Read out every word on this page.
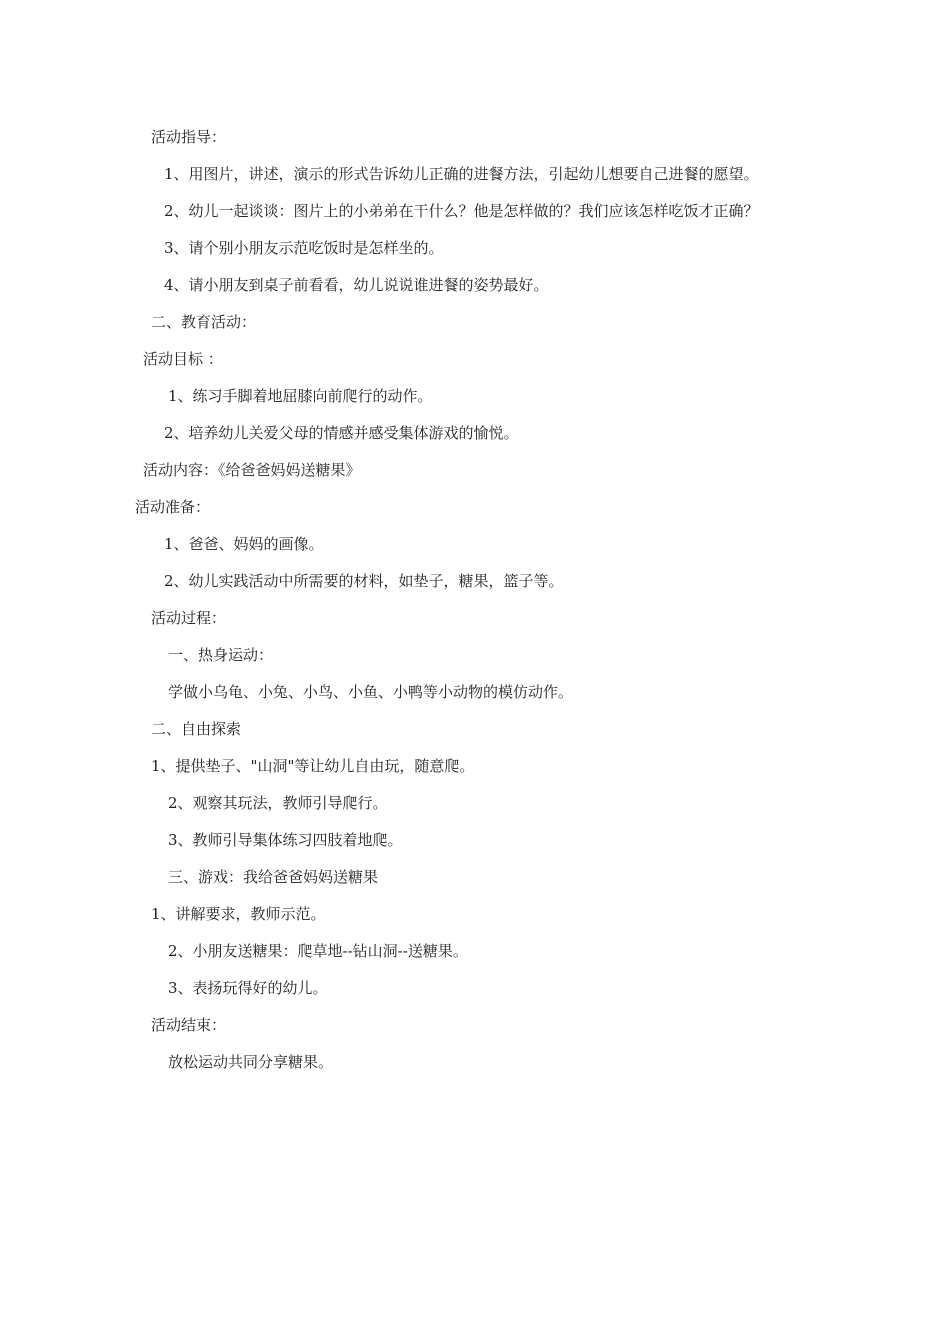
活动指导：
1、用图片，讲述，演示的形式告诉幼儿正确的进餐方法，引起幼儿想要自己进餐的愿望。
2、幼儿一起谈谈：图片上的小弟弟在干什么？他是怎样做的？我们应该怎样吃饭才正确？
3、请个别小朋友示范吃饭时是怎样坐的。
4、请小朋友到桌子前看看，幼儿说说谁进餐的姿势最好。
二、教育活动：
活动目标 ：
1、练习手脚着地屈膝向前爬行的动作。
2、培养幼儿关爱父母的情感并感受集体游戏的愉悦。
活动内容：《给爸爸妈妈送糖果》
活动准备：
1、爸爸、妈妈的画像。
2、幼儿实践活动中所需要的材料，如垫子，糖果，篮子等。
活动过程：
一、热身运动：
学做小乌龟、小兔、小鸟、小鱼、小鸭等小动物的模仿动作。
二、自由探索
1、提供垫子、"山洞"等让幼儿自由玩，随意爬。
2、观察其玩法，教师引导爬行。
3、教师引导集体练习四肢着地爬。
三、游戏：我给爸爸妈妈送糖果
1、讲解要求，教师示范。
2、小朋友送糖果：爬草地--钻山洞--送糖果。
3、表扬玩得好的幼儿。
活动结束：
放松运动共同分享糖果。
